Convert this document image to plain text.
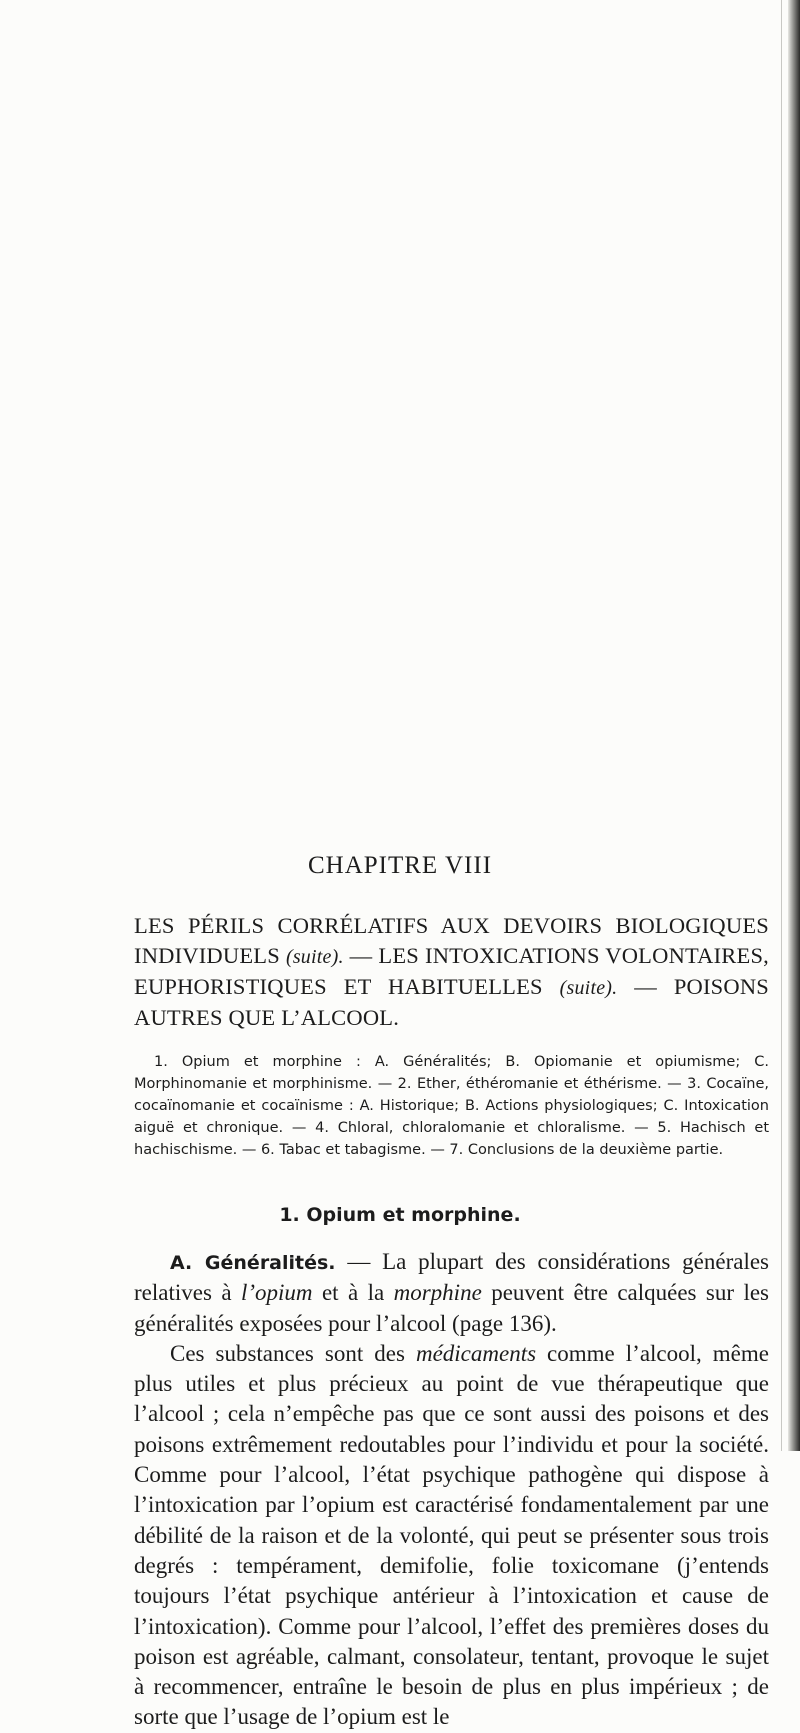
CHAPITRE VIII
LES PÉRILS CORRÉLATIFS AUX DEVOIRS BIOLOGIQUES INDIVIDUELS (suite). — LES INTOXICATIONS VOLONTAIRES, EUPHORISTIQUES ET HABITUELLES (suite). — POISONS AUTRES QUE L’ALCOOL.

1. Opium et morphine : A. Généralités; B. Opiomanie et opiumisme; C. Morphinomanie et morphinisme. — 2. Ether, éthéromanie et éthérisme. — 3. Cocaïne, cocaïnomanie et cocaïnisme : A. Historique; B. Actions physiologiques; C. Intoxication aiguë et chronique. — 4. Chloral, chloralomanie et chloralisme. — 5. Hachisch et hachischisme. — 6. Tabac et tabagisme. — 7. Conclusions de la deuxième partie.

1. Opium et morphine.

A. Généralités. — La plupart des considérations générales relatives à l’opium et à la morphine peuvent être calquées sur les généralités exposées pour l’alcool (page 136).

Ces substances sont des médicaments comme l’alcool, même plus utiles et plus précieux au point de vue thérapeutique que l’alcool ; cela n’empêche pas que ce sont aussi des poisons et des poisons extrêmement redoutables pour l’individu et pour la société. Comme pour l’alcool, l’état psychique pathogène qui dispose à l’intoxication par l’opium est caractérisé fondamentalement par une débilité de la raison et de la volonté, qui peut se présenter sous trois degrés : tempérament, demifolie, folie toxicomane (j’entends toujours l’état psychique antérieur à l’intoxication et cause de l’intoxication). Comme pour l’alcool, l’effet des premières doses du poison est agréable, calmant, consolateur, tentant, provoque le sujet à recommencer, entraîne le besoin de plus en plus impérieux ; de sorte que l’usage de l’opium est le
